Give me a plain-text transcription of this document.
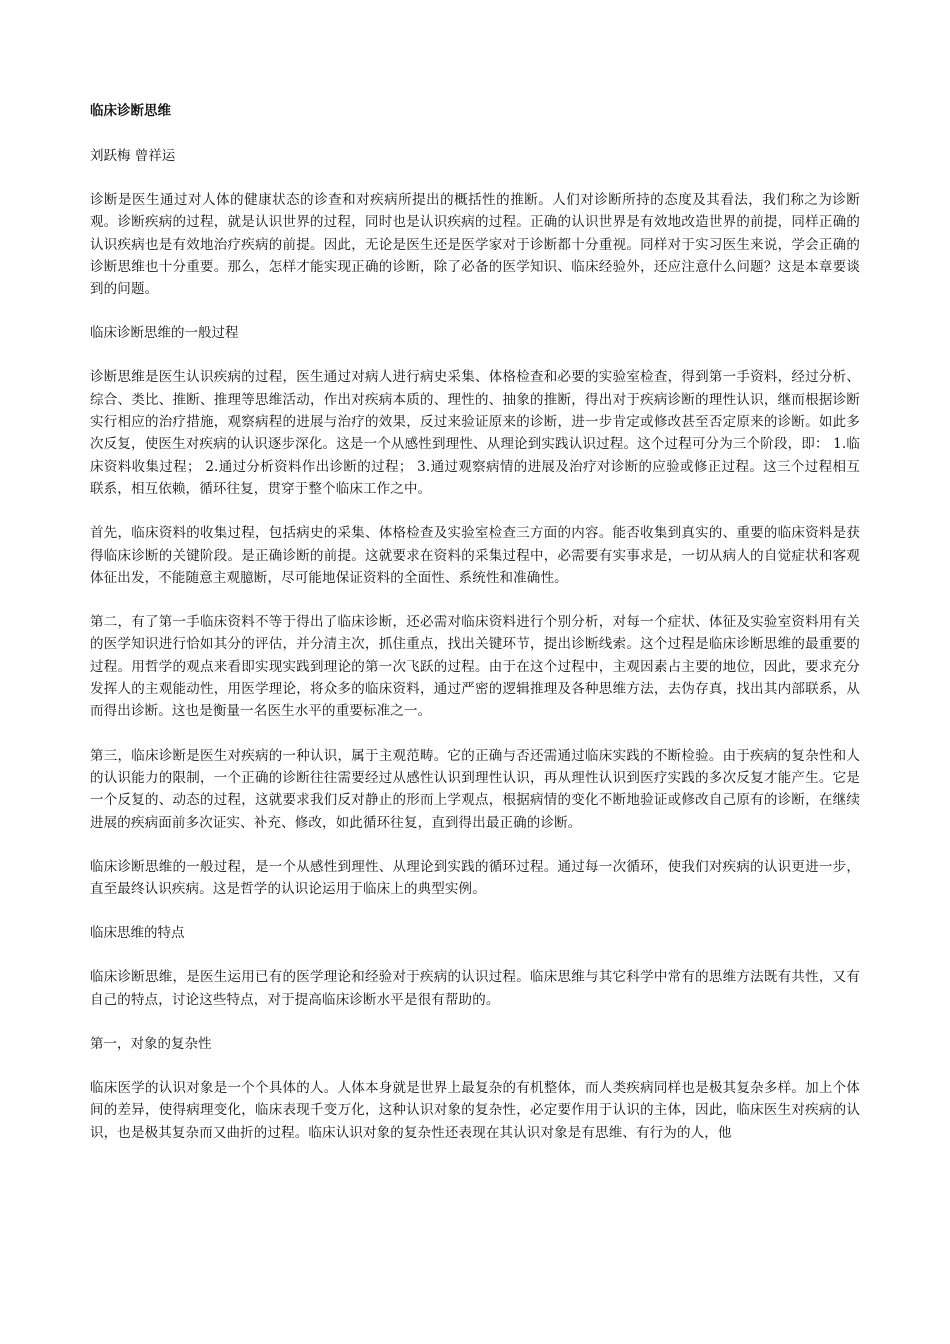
临床诊断思维
刘跃梅 曾祥运
诊断是医生通过对人体的健康状态的诊查和对疾病所提出的概括性的推断。人们对诊断所持的态度及其看法，我们称之为诊断观。诊断疾病的过程，就是认识世界的过程，同时也是认识疾病的过程。正确的认识世界是有效地改造世界的前提，同样正确的认识疾病也是有效地治疗疾病的前提。因此，无论是医生还是医学家对于诊断都十分重视。同样对于实习医生来说，学会正确的诊断思维也十分重要。那么，怎样才能实现正确的诊断，除了必备的医学知识、临床经验外，还应注意什么问题？这是本章要谈到的问题。
临床诊断思维的一般过程
诊断思维是医生认识疾病的过程，医生通过对病人进行病史采集、体格检查和必要的实验室检查，得到第一手资料，经过分析、综合、类比、推断、推理等思维活动，作出对疾病本质的、理性的、抽象的推断，得出对于疾病诊断的理性认识，继而根据诊断实行相应的治疗措施，观察病程的进展与治疗的效果，反过来验证原来的诊断，进一步肯定或修改甚至否定原来的诊断。如此多次反复，使医生对疾病的认识逐步深化。这是一个从感性到理性、从理论到实践认识过程。这个过程可分为三个阶段，即： 1.临床资料收集过程； 2.通过分析资料作出诊断的过程； 3.通过观察病情的进展及治疗对诊断的应验或修正过程。这三个过程相互联系，相互依赖，循环往复，贯穿于整个临床工作之中。
首先，临床资料的收集过程，包括病史的采集、体格检查及实验室检查三方面的内容。能否收集到真实的、重要的临床资料是获得临床诊断的关键阶段。是正确诊断的前提。这就要求在资料的采集过程中，必需要有实事求是，一切从病人的自觉症状和客观体征出发，不能随意主观臆断，尽可能地保证资料的全面性、系统性和准确性。
第二，有了第一手临床资料不等于得出了临床诊断，还必需对临床资料进行个别分析，对每一个症状、体征及实验室资料用有关的医学知识进行恰如其分的评估，并分清主次，抓住重点，找出关键环节，提出诊断线索。这个过程是临床诊断思维的最重要的过程。用哲学的观点来看即实现实践到理论的第一次飞跃的过程。由于在这个过程中，主观因素占主要的地位，因此，要求充分发挥人的主观能动性，用医学理论，将众多的临床资料，通过严密的逻辑推理及各种思维方法，去伪存真，找出其内部联系，从而得出诊断。这也是衡量一名医生水平的重要标准之一。
第三，临床诊断是医生对疾病的一种认识，属于主观范畴。它的正确与否还需通过临床实践的不断检验。由于疾病的复杂性和人的认识能力的限制，一个正确的诊断往往需要经过从感性认识到理性认识，再从理性认识到医疗实践的多次反复才能产生。它是一个反复的、动态的过程，这就要求我们反对静止的形而上学观点，根据病情的变化不断地验证或修改自己原有的诊断，在继续进展的疾病面前多次证实、补充、修改，如此循环往复，直到得出最正确的诊断。
临床诊断思维的一般过程，是一个从感性到理性、从理论到实践的循环过程。通过每一次循环，使我们对疾病的认识更进一步，直至最终认识疾病。这是哲学的认识论运用于临床上的典型实例。
临床思维的特点
临床诊断思维，是医生运用已有的医学理论和经验对于疾病的认识过程。临床思维与其它科学中常有的思维方法既有共性，又有自己的特点，讨论这些特点，对于提高临床诊断水平是很有帮助的。
第一，对象的复杂性
临床医学的认识对象是一个个具体的人。人体本身就是世界上最复杂的有机整体，而人类疾病同样也是极其复杂多样。加上个体间的差异，使得病理变化，临床表现千变万化，这种认识对象的复杂性，必定要作用于认识的主体，因此，临床医生对疾病的认识，也是极其复杂而又曲折的过程。临床认识对象的复杂性还表现在其认识对象是有思维、有行为的人，他
